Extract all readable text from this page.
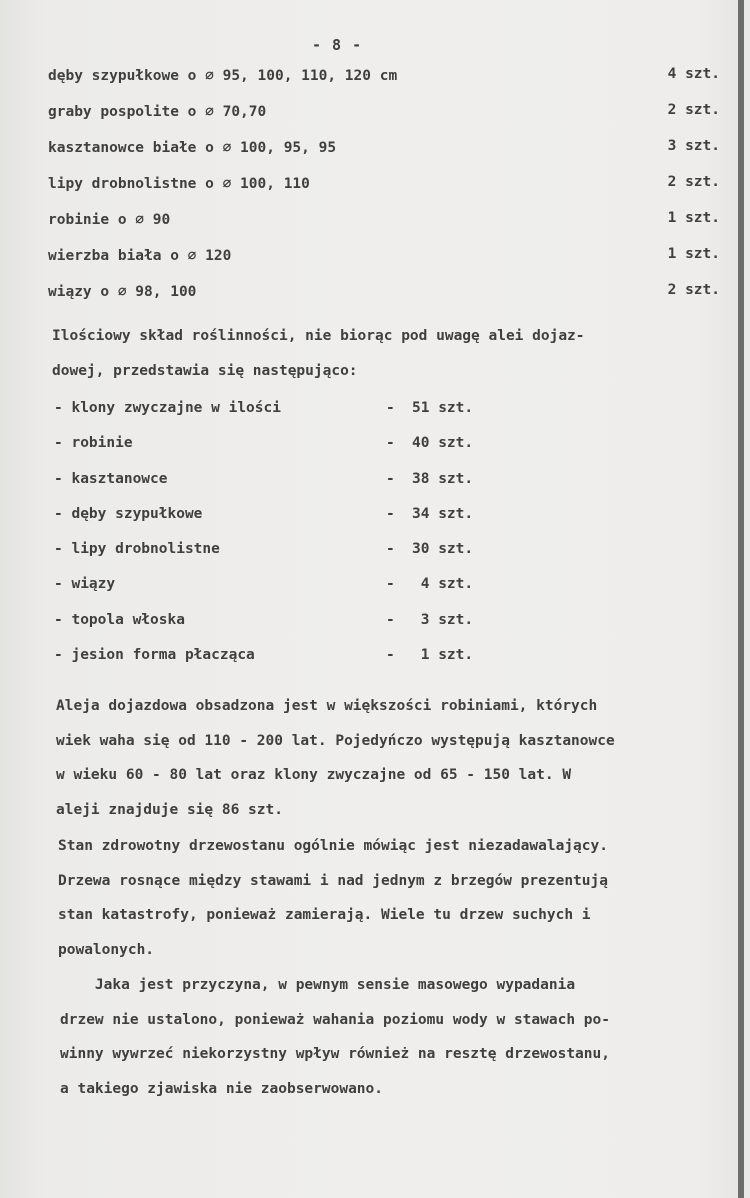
- 8 -
dęby szypułkowe o ∅ 95, 100, 110, 120 cm	4 szt.
graby pospolite o ∅ 70,70	2 szt.
kasztanowce białe o ∅ 100, 95, 95	3 szt.
lipy drobnolistne o ∅ 100, 110	2 szt.
robinie o ∅ 90	1 szt.
wierzba biała o ∅ 120	1 szt.
wiązy o ∅ 98, 100	2 szt.
Ilościowy skład roślinności, nie biorąc pod uwagę alei dojaz-
dowej, przedstawia się następująco:
- klony zwyczajne w ilości	- 51 szt.
- robinie	- 40 szt.
- kasztanowce	- 38 szt.
- dęby szypułkowe	- 34 szt.
- lipy drobnolistne	- 30 szt.
- wiązy	- 4 szt.
- topola włoska	- 3 szt.
- jesion forma płacząca	- 1 szt.
Aleja dojazdowa obsadzona jest w większości robiniami, których
wiek waha się od 110 - 200 lat. Pojedyńczo występują kasztanowce
w wieku 60 - 80 lat oraz klony zwyczajne od 65 - 150 lat. W
aleji znajduje się 86 szt.
Stan zdrowotny drzewostanu ogólnie mówiąc jest niezadawalający.
Drzewa rosnące między stawami i nad jednym z brzegów prezentują
stan katastrofy, ponieważ zamierają. Wiele tu drzew suchych i
powalonych.
Jaka jest przyczyna, w pewnym sensie masowego wypadania
drzew nie ustalono, ponieważ wahania poziomu wody w stawach po-
winny wywrzeć niekorzystny wpływ również na resztę drzewostanu,
a takiego zjawiska nie zaobserwowano.
